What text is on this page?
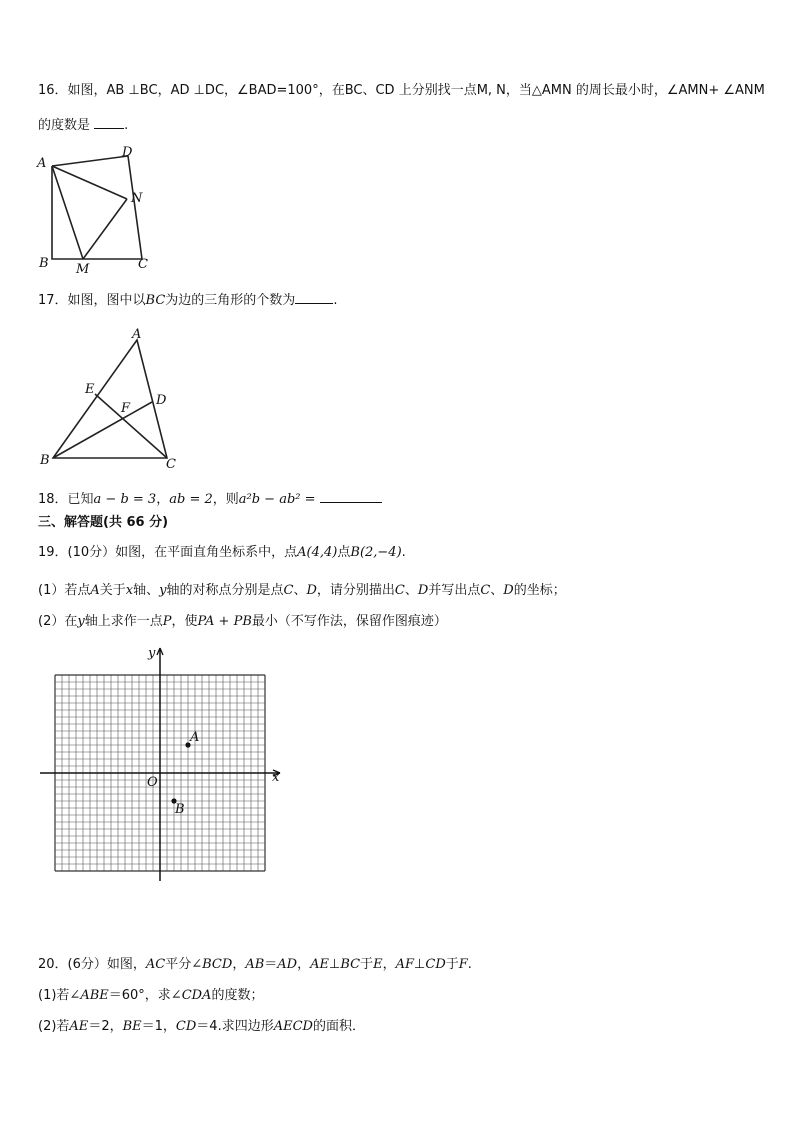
16．如图，AB ⊥BC，AD ⊥DC，∠BAD=100°，在BC、CD 上分别找一点M, N，当△AMN 的周长最小时，∠AMN+ ∠ANM
的度数是	.
A
D
N
B M	C
17．如图，图中以BC为边的三角形的个数为	.
A
E
F
D
B	C
18．已知a − b = 3，ab = 2，则a²b − ab² =
三、解答题(共 66 分)
19．(10分）如图，在平面直角坐标系中，点A(4,4)点B(2,−4).
(1）若点A关于x轴、y轴的对称点分别是点C、D，请分别描出C、D并写出点C、D的坐标；
(2）在y轴上求作一点P，使PA + PB最小（不写作法，保留作图痕迹）
y
x
O
A
B
20．(6分）如图，AC平分∠BCD，AB＝AD，AE⊥BC于E，AF⊥CD于F.
(1)若∠ABE＝60°，求∠CDA的度数；
(2)若AE＝2，BE＝1，CD＝4.求四边形AECD的面积．
